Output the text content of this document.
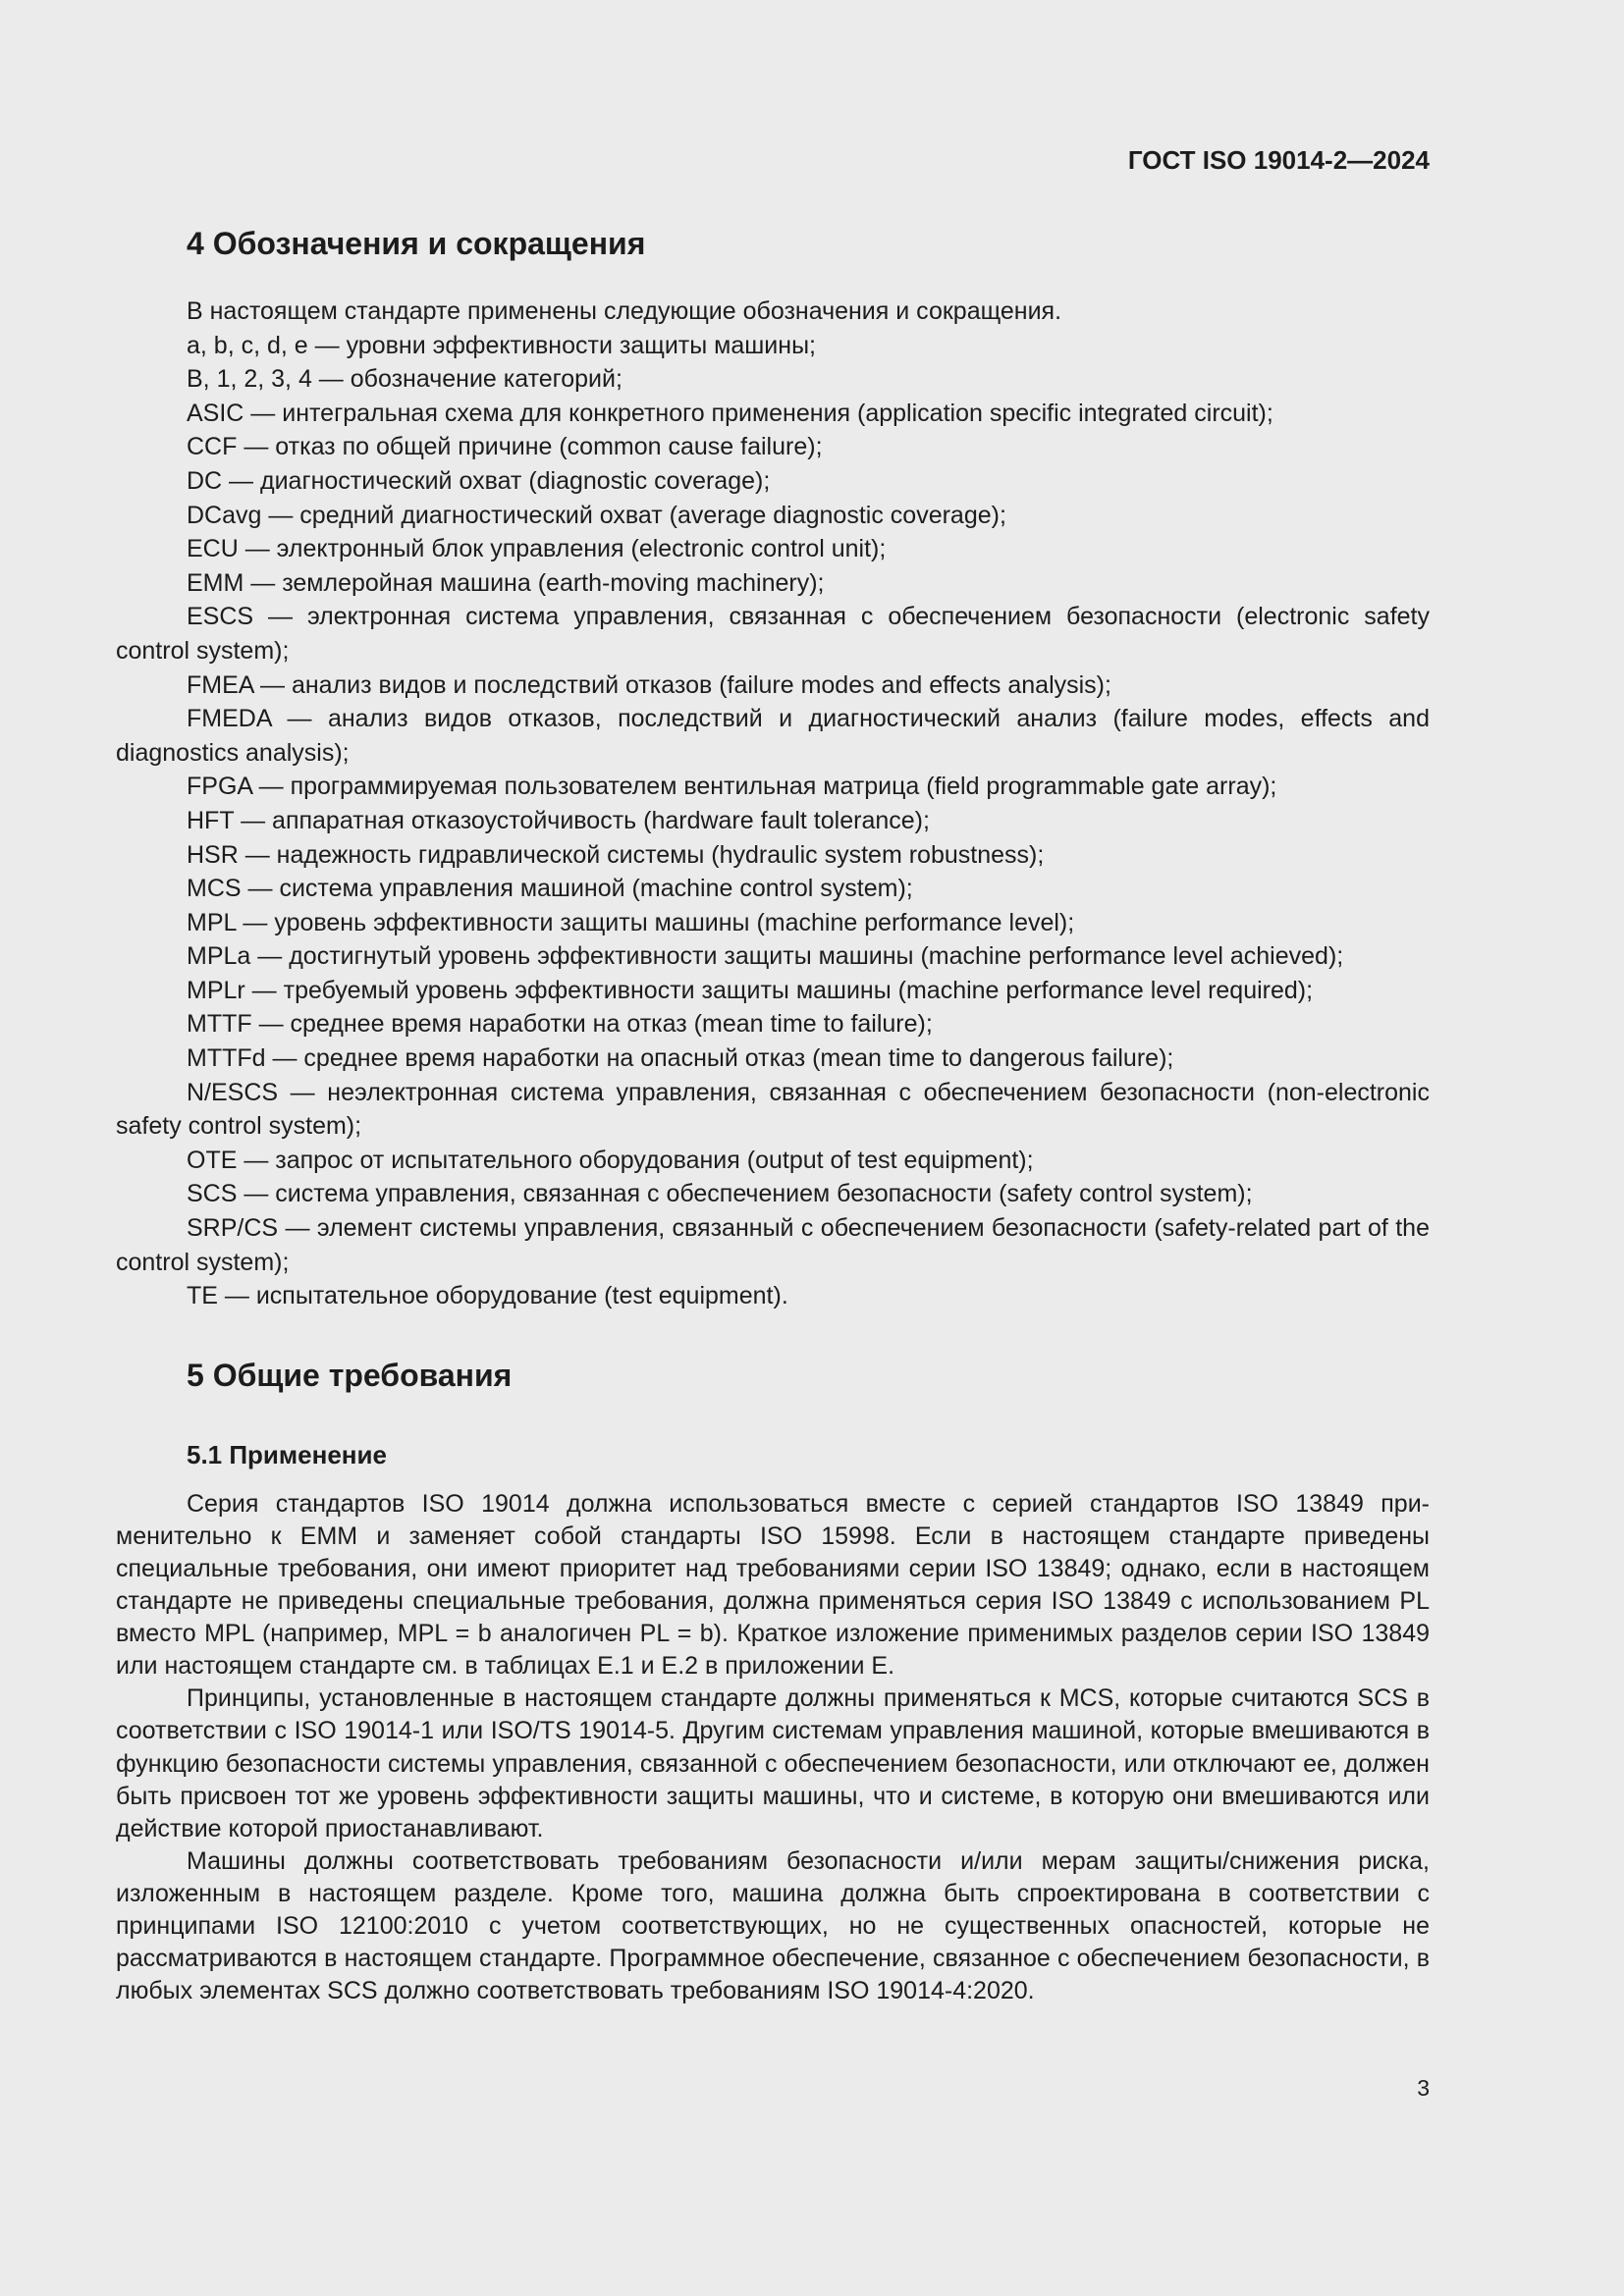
ГОСТ ISO 19014-2—2024

4 Обозначения и сокращения

В настоящем стандарте применены следующие обозначения и сокращения.

a, b, c, d, e — уровни эффективности защиты машины;

B, 1, 2, 3, 4 — обозначение категорий;

ASIC — интегральная схема для конкретного применения (application specific integrated circuit);

CCF — отказ по общей причине (common cause failure);

DC — диагностический охват (diagnostic coverage);

DCavg — средний диагностический охват (average diagnostic coverage);

ECU — электронный блок управления (electronic control unit);

EMM — землеройная машина (earth-moving machinery);

ESCS — электронная система управления, связанная с обеспечением безопасности (electronic safety control system);

FMEA — анализ видов и последствий отказов (failure modes and effects analysis);

FMEDA — анализ видов отказов, последствий и диагностический анализ (failure modes, effects and diagnostics analysis);

FPGA — программируемая пользователем вентильная матрица (field programmable gate array);

HFT — аппаратная отказоустойчивость (hardware fault tolerance);

HSR — надежность гидравлической системы (hydraulic system robustness);

MCS — система управления машиной (machine control system);

MPL — уровень эффективности защиты машины (machine performance level);

MPLa — достигнутый уровень эффективности защиты машины (machine performance level achieved);

MPLr — требуемый уровень эффективности защиты машины (machine performance level required);

MTTF — среднее время наработки на отказ (mean time to failure);

MTTFd — среднее время наработки на опасный отказ (mean time to dangerous failure);

N/ESCS — неэлектронная система управления, связанная с обеспечением безопасности (non-electronic safety control system);

OTE — запрос от испытательного оборудования (output of test equipment);

SCS — система управления, связанная с обеспечением безопасности (safety control system);

SRP/CS — элемент системы управления, связанный с обеспечением безопасности (safety-related part of the control system);

TE — испытательное оборудование (test equipment).

5 Общие требования
5.1 Применение

Серия стандартов ISO 19014 должна использоваться вместе с серией стандартов ISO 13849 применительно к EMM и заменяет собой стандарты ISO 15998. Если в настоящем стандарте приведены специальные требования, они имеют приоритет над требованиями серии ISO 13849; однако, если в настоящем стандарте не приведены специальные требования, должна применяться серия ISO 13849 с использованием PL вместо MPL (например, MPL = b аналогичен PL = b). Краткое изложение применимых разделов серии ISO 13849 или настоящем стандарте см. в таблицах E.1 и E.2 в приложении E.

Принципы, установленные в настоящем стандарте должны применяться к MCS, которые считаются SCS в соответствии с ISO 19014-1 или ISO/TS 19014-5. Другим системам управления машиной, которые вмешиваются в функцию безопасности системы управления, связанной с обеспечением безопасности, или отключают ее, должен быть присвоен тот же уровень эффективности защиты машины, что и системе, в которую они вмешиваются или действие которой приостанавливают.

Машины должны соответствовать требованиям безопасности и/или мерам защиты/снижения риска, изложенным в настоящем разделе. Кроме того, машина должна быть спроектирована в соответствии с принципами ISO 12100:2010 с учетом соответствующих, но не существенных опасностей, которые не рассматриваются в настоящем стандарте. Программное обеспечение, связанное с обеспечением безопасности, в любых элементах SCS должно соответствовать требованиям ISO 19014-4:2020.

3
